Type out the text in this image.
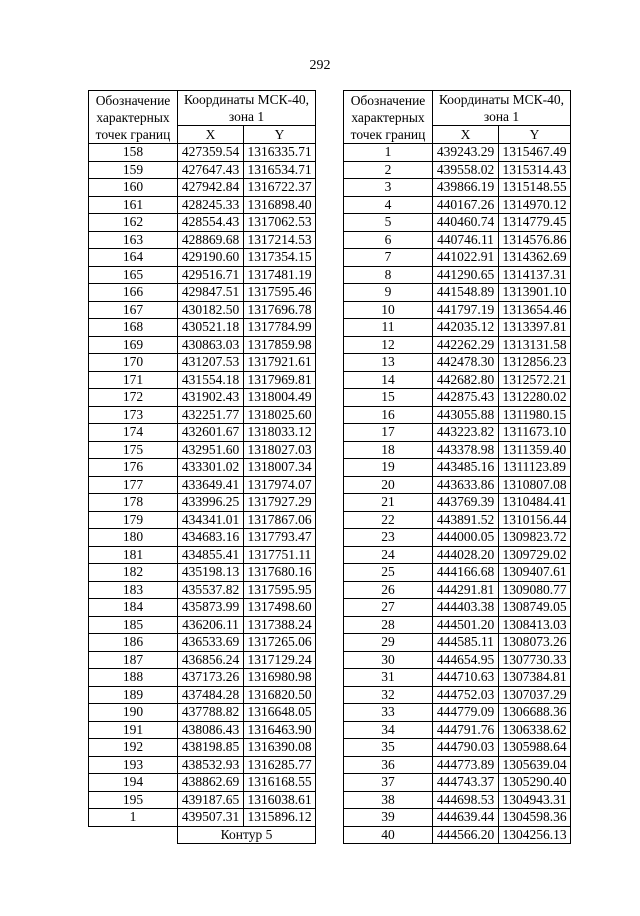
292
Обозначение
характерных
точек границ	Координаты МСК-40,
зона 1	
	X	Y
158	427359.54	1316335.71
159	427647.43	1316534.71
160	427942.84	1316722.37
161	428245.33	1316898.40
162	428554.43	1317062.53
163	428869.68	1317214.53
164	429190.60	1317354.15
165	429516.71	1317481.19
166	429847.51	1317595.46
167	430182.50	1317696.78
168	430521.18	1317784.99
169	430863.03	1317859.98
170	431207.53	1317921.61
171	431554.18	1317969.81
172	431902.43	1318004.49
173	432251.77	1318025.60
174	432601.67	1318033.12
175	432951.60	1318027.03
176	433301.02	1318007.34
177	433649.41	1317974.07
178	433996.25	1317927.29
179	434341.01	1317867.06
180	434683.16	1317793.47
181	434855.41	1317751.11
182	435198.13	1317680.16
183	435537.82	1317595.95
184	435873.99	1317498.60
185	436206.11	1317388.24
186	436533.69	1317265.06
187	436856.24	1317129.24
188	437173.26	1316980.98
189	437484.28	1316820.50
190	437788.82	1316648.05
191	438086.43	1316463.90
192	438198.85	1316390.08
193	438532.93	1316285.77
194	438862.69	1316168.55
195	439187.65	1316038.61
1	439507.31	1315896.12
	Контур 5	
Обозначение
характерных
точек границ	Координаты МСК-40,
зона 1	
	X	Y
1	439243.29	1315467.49
2	439558.02	1315314.43
3	439866.19	1315148.55
4	440167.26	1314970.12
5	440460.74	1314779.45
6	440746.11	1314576.86
7	441022.91	1314362.69
8	441290.65	1314137.31
9	441548.89	1313901.10
10	441797.19	1313654.46
11	442035.12	1313397.81
12	442262.29	1313131.58
13	442478.30	1312856.23
14	442682.80	1312572.21
15	442875.43	1312280.02
16	443055.88	1311980.15
17	443223.82	1311673.10
18	443378.98	1311359.40
19	443485.16	1311123.89
20	443633.86	1310807.08
21	443769.39	1310484.41
22	443891.52	1310156.44
23	444000.05	1309823.72
24	444028.20	1309729.02
25	444166.68	1309407.61
26	444291.81	1309080.77
27	444403.38	1308749.05
28	444501.20	1308413.03
29	444585.11	1308073.26
30	444654.95	1307730.33
31	444710.63	1307384.81
32	444752.03	1307037.29
33	444779.09	1306688.36
34	444791.76	1306338.62
35	444790.03	1305988.64
36	444773.89	1305639.04
37	444743.37	1305290.40
38	444698.53	1304943.31
39	444639.44	1304598.36
40	444566.20	1304256.13
